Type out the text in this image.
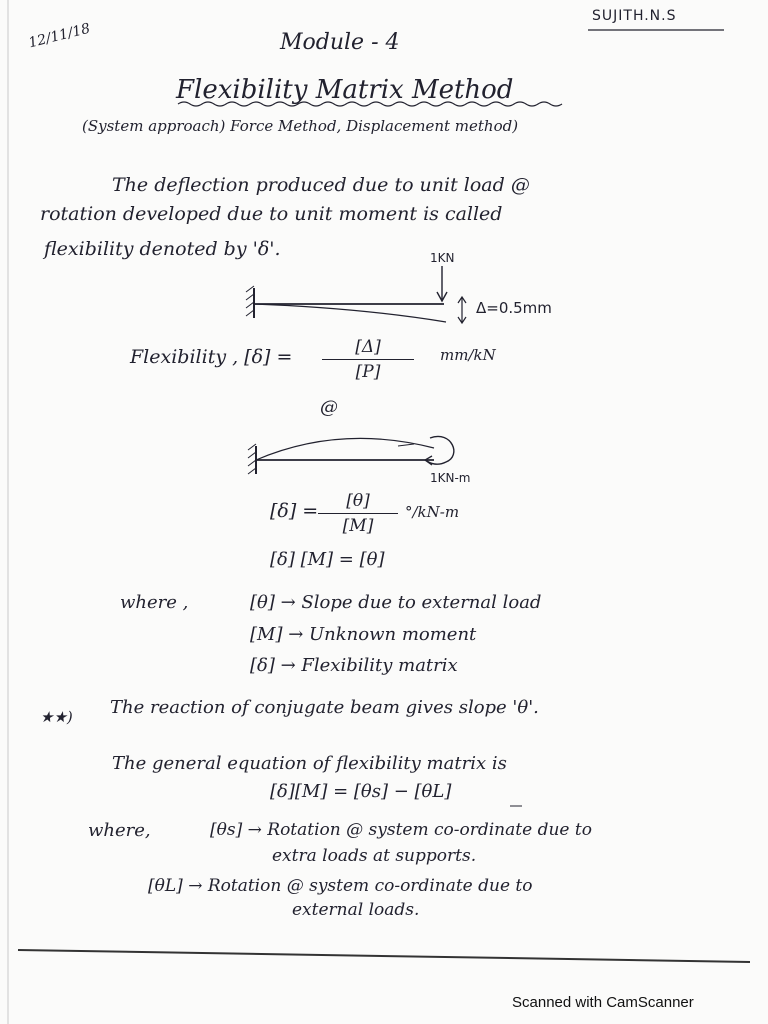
12/11/18
SUJITH.N.S
Module - 4
Flexibility Matrix Method
(System approach) Force Method, Displacement method)
The deflection produced due to unit load @
rotation developed due to unit moment is called
flexibility denoted by 'δ'.	1KN
Δ=0.5mm
Flexibility , [δ] =	[Δ]
[P]
mm/kN
@
1KN-m
[δ] =	[θ]
[M]
°/kN-m
[δ] [M] = [θ]
where ,	[θ] → Slope due to external load
[M] → Unknown moment
[δ] → Flexibility matrix
★★) The reaction of conjugate beam gives slope 'θ'.
The general equation of flexibility matrix is
[δ][M] = [θs] − [θL]
where,	[θs] → Rotation @ system co-ordinate due to
extra loads at supports.
[θL] → Rotation @ system co-ordinate due to
external loads.
Scanned with CamScanner
